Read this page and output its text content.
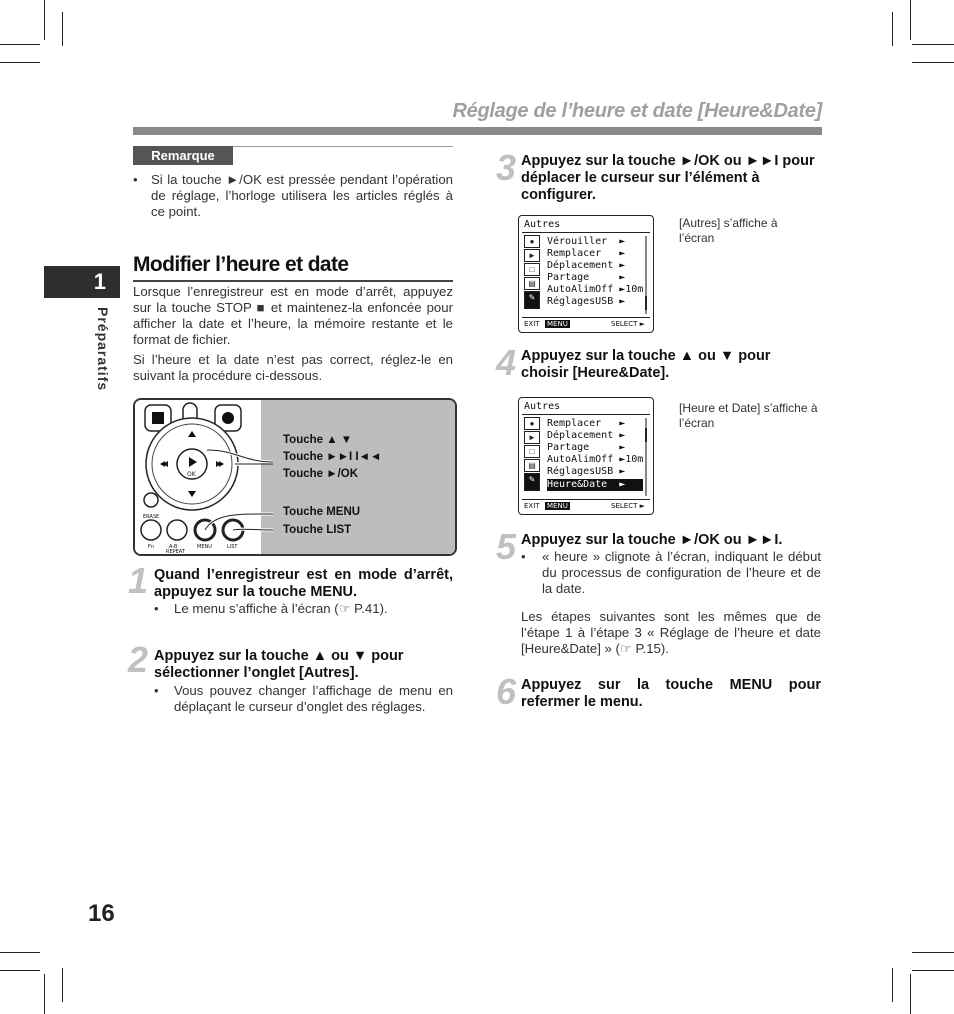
Réglage de l’heure et date [Heure&Date]
Remarque
• Si la touche ►/OK est pressée pendant l’opération de réglage, l’horloge utilisera les articles réglés à ce point.
1
Préparatifs
Modifier l’heure et date
Lorsque l’enregistreur est en mode d’arrêt, appuyez sur la touche STOP ■ et maintenez-la enfoncée pour afficher la date et l’heure, la mémoire restante et le format de fichier.
Si l’heure et la date n’est pas correct, réglez-le en suivant la procédure ci-dessous.
OK
ERASE
Fn	A-B
REPEAT
MENU	LIST
Touche ▲ ▼
Touche ►►I I◄◄
Touche ►/OK
Touche MENU
Touche LIST
1 Quand l’enregistreur est en mode d’arrêt, appuyez sur la touche MENU.
• Le menu s’affiche à l’écran (☞ P.41).
2 Appuyez sur la touche ▲ ou ▼ pour sélectionner l’onglet [Autres].
• Vous pouvez changer l’affichage de menu en déplaçant le curseur d’onglet des réglages.
3 Appuyez sur la touche ►/OK ou ►►I pour déplacer le curseur sur l’élément à configurer.
Autres
●
►
□
▤
✎
Vérouiller  ►
Remplacer   ►
Déplacement ►
Partage     ►
AutoAlimOff ►10m
RéglagesUSB ►
EXIT MENU	SELECT ►
[Autres] s’affiche à l’écran
4 Appuyez sur la touche ▲ ou ▼ pour choisir [Heure&Date].
Autres
●
►
□
▤
✎
Remplacer   ►
Déplacement ►
Partage     ►
AutoAlimOff ►10m
RéglagesUSB ►
Heure&Date  ►
EXIT MENU	SELECT ►
[Heure et Date] s’affiche à l’écran
5 Appuyez sur la touche ►/OK ou ►►I.
• « heure » clignote à l’écran, indiquant le début du processus de configuration de l’heure et de la date.
Les étapes suivantes sont les mêmes que de l’étape 1 à l’étape 3 « Réglage de l’heure et date [Heure&Date] » (☞ P.15).
6 Appuyez sur la touche MENU pour refermer le menu.
16
